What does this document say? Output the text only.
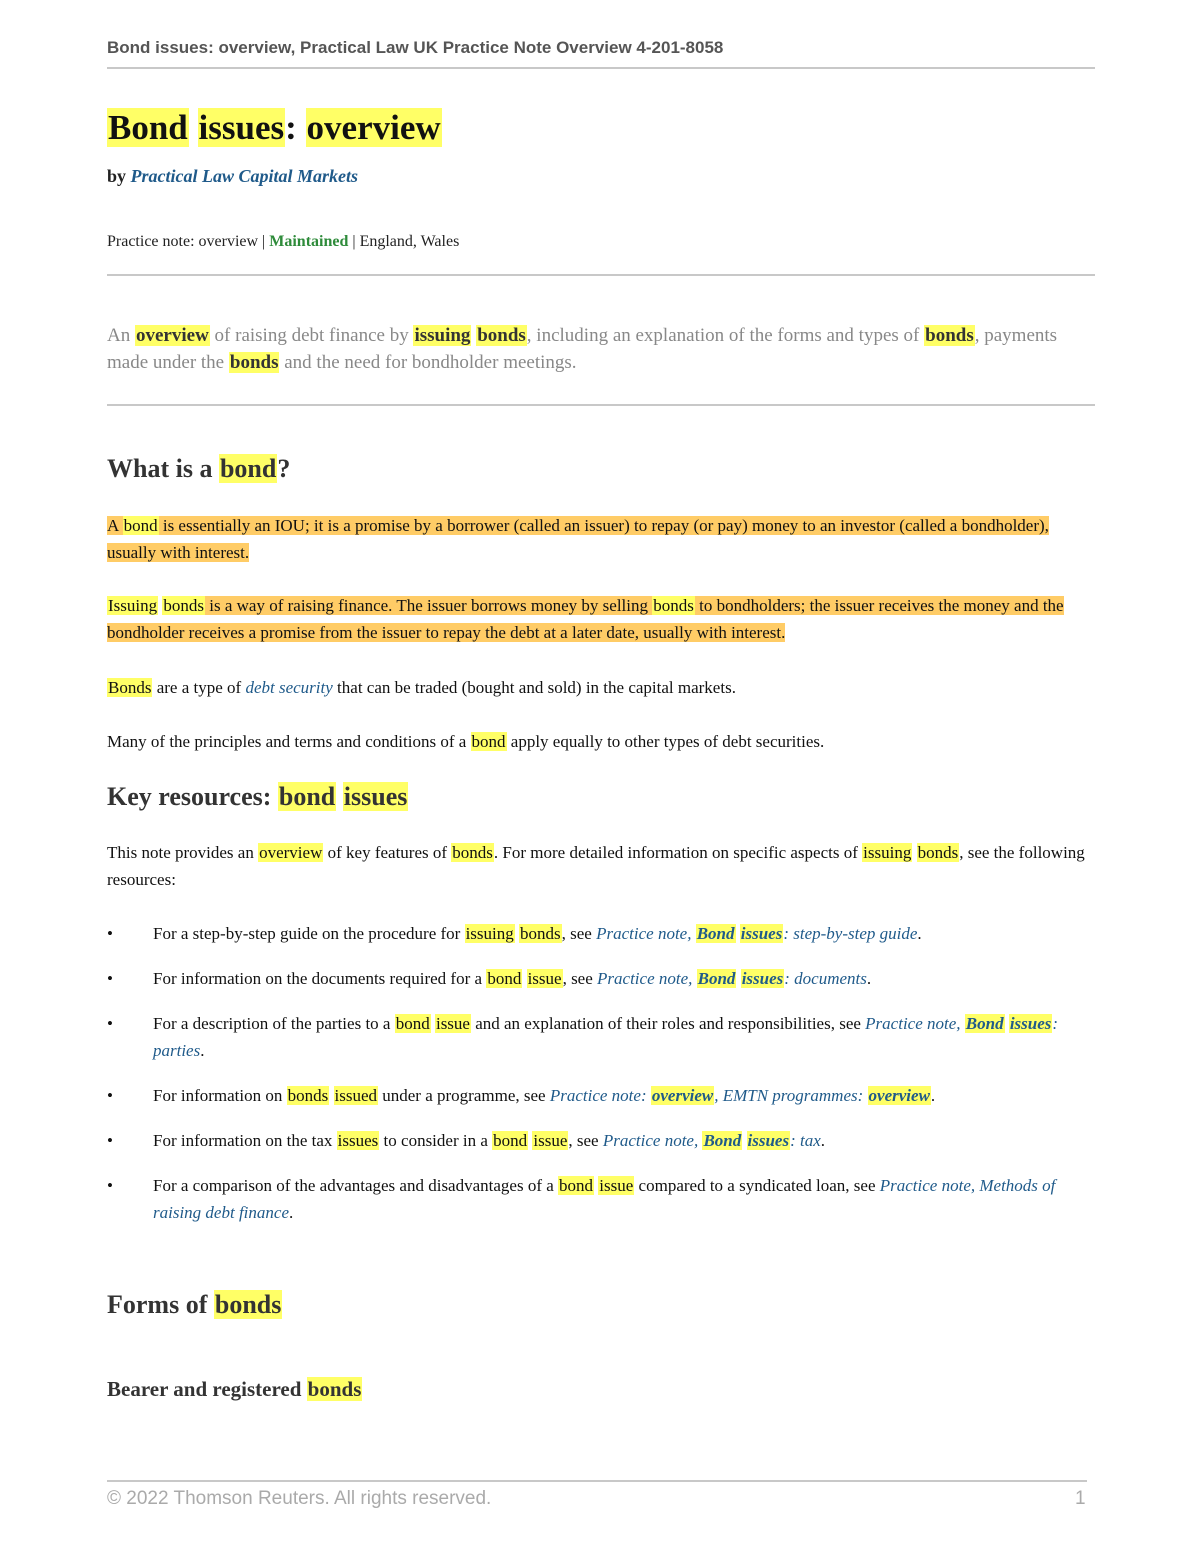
Bond issues: overview, Practical Law UK Practice Note Overview 4-201-8058
Bond issues: overview
by Practical Law Capital Markets
Practice note: overview | Maintained | England, Wales
An overview of raising debt finance by issuing bonds, including an explanation of the forms and types of bonds, payments made under the bonds and the need for bondholder meetings.
What is a bond?

A bond is essentially an IOU; it is a promise by a borrower (called an issuer) to repay (or pay) money to an investor (called a bondholder), usually with interest.

Issuing bonds is a way of raising finance. The issuer borrows money by selling bonds to bondholders; the issuer receives the money and the bondholder receives a promise from the issuer to repay the debt at a later date, usually with interest.

Bonds are a type of debt security that can be traded (bought and sold) in the capital markets.

Many of the principles and terms and conditions of a bond apply equally to other types of debt securities.

Key resources: bond issues

This note provides an overview of key features of bonds. For more detailed information on specific aspects of issuing bonds, see the following resources:

• For a step-by-step guide on the procedure for issuing bonds, see Practice note, Bond issues: step-by-step guide.
• For information on the documents required for a bond issue, see Practice note, Bond issues: documents.
• For a description of the parties to a bond issue and an explanation of their roles and responsibilities, see Practice note, Bond issues: parties.
• For information on bonds issued under a programme, see Practice note: overview, EMTN programmes: overview.
• For information on the tax issues to consider in a bond issue, see Practice note, Bond issues: tax.
• For a comparison of the advantages and disadvantages of a bond issue compared to a syndicated loan, see Practice note, Methods of raising debt finance.
Forms of bonds
Bearer and registered bonds
© 2022 Thomson Reuters. All rights reserved.	1
